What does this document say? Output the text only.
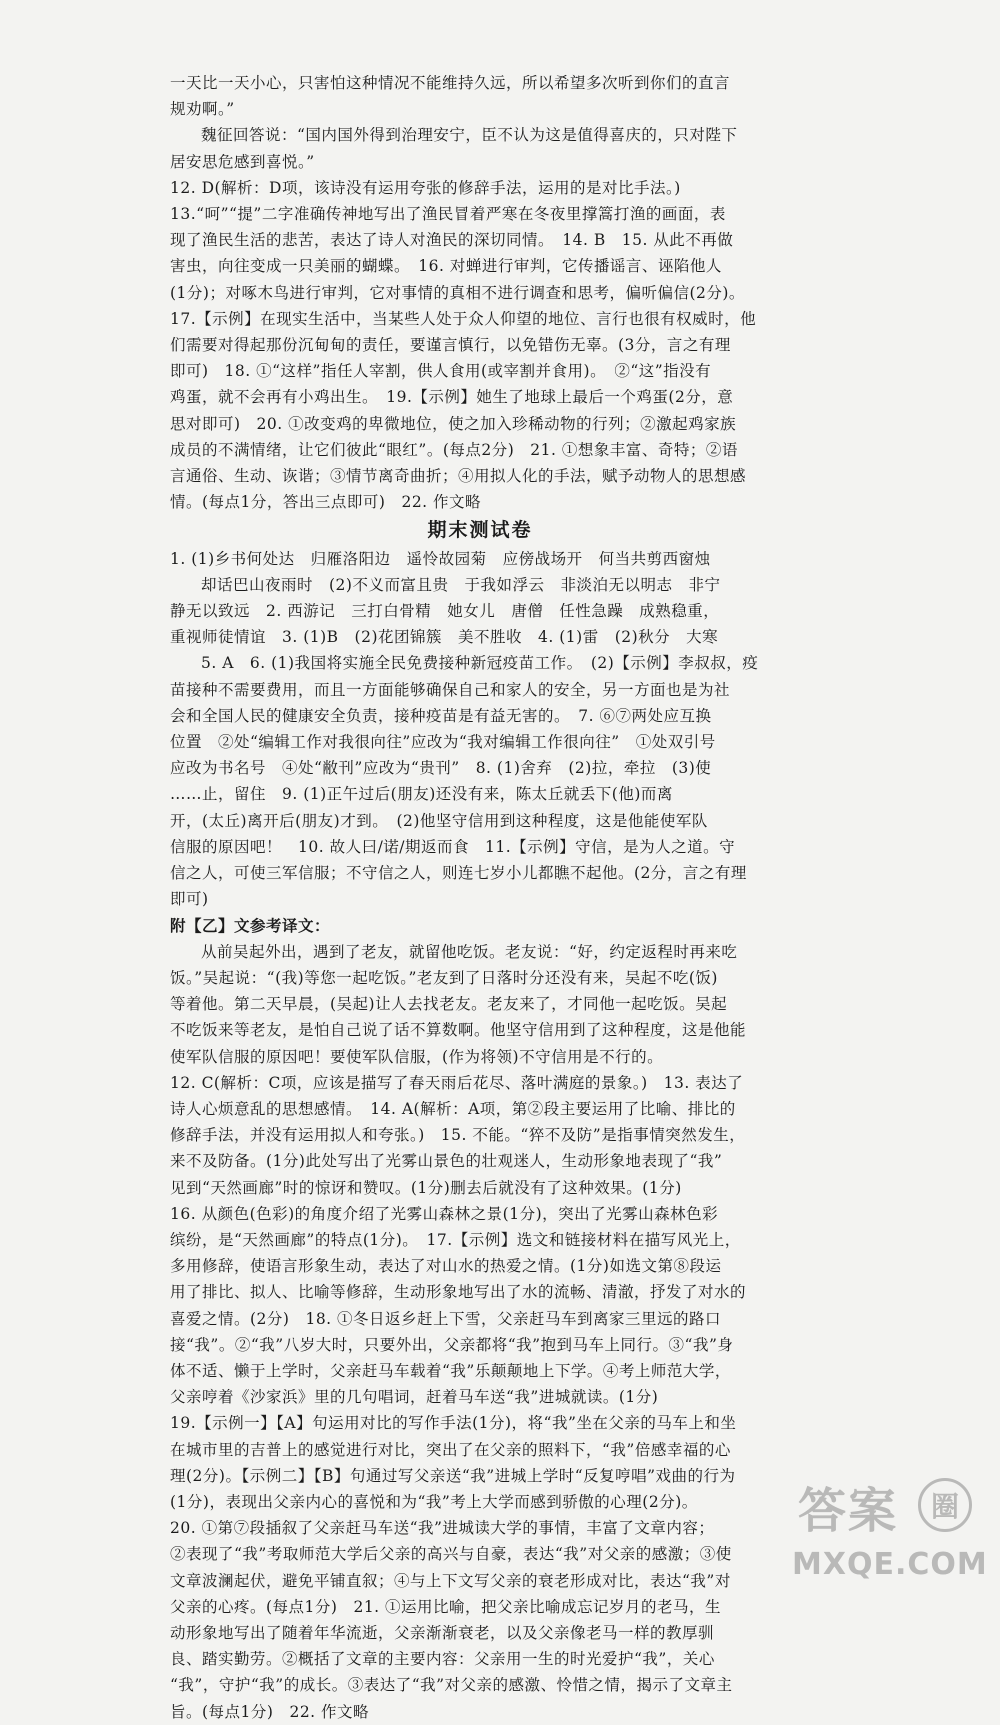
一天比一天小心，只害怕这种情况不能维持久远，所以希望多次听到你们的直言
规劝啊。”
魏征回答说：“国内国外得到治理安宁，臣不认为这是值得喜庆的，只对陛下
居安思危感到喜悦。”
12. D(解析：D项，该诗没有运用夸张的修辞手法，运用的是对比手法。)
13.“呵”“提”二字准确传神地写出了渔民冒着严寒在冬夜里撑篙打渔的画面，表
现了渔民生活的悲苦，表达了诗人对渔民的深切同情。　14. B　15. 从此不再做
害虫，向往变成一只美丽的蝴蝶。　16. 对蝉进行审判，它传播谣言、诬陷他人
(1分)；对啄木鸟进行审判，它对事情的真相不进行调查和思考，偏听偏信(2分)。
17.【示例】在现实生活中，当某些人处于众人仰望的地位、言行也很有权威时，他
们需要对得起那份沉甸甸的责任，要谨言慎行，以免错伤无辜。(3分，言之有理
即可)　18. ①“这样”指任人宰割，供人食用(或宰割并食用)。　②“这”指没有
鸡蛋，就不会再有小鸡出生。　19.【示例】她生了地球上最后一个鸡蛋(2分，意
思对即可)　20. ①改变鸡的卑微地位，使之加入珍稀动物的行列；②激起鸡家族
成员的不满情绪，让它们彼此“眼红”。(每点2分)　21. ①想象丰富、奇特；②语
言通俗、生动、诙谐；③情节离奇曲折；④用拟人化的手法，赋予动物人的思想感
情。(每点1分，答出三点即可)　22. 作文略
期末测试卷
1. (1)乡书何处达　归雁洛阳边　遥怜故园菊　应傍战场开　何当共剪西窗烛
却话巴山夜雨时　(2)不义而富且贵　于我如浮云　非淡泊无以明志　非宁
静无以致远　2. 西游记　三打白骨精　她女儿　唐僧　任性急躁　成熟稳重，
重视师徒情谊　3. (1)B　(2)花团锦簇　美不胜收　4. (1)雷　(2)秋分　大寒
5. A　6. (1)我国将实施全民免费接种新冠疫苗工作。　(2)【示例】李叔叔，疫
苗接种不需要费用，而且一方面能够确保自己和家人的安全，另一方面也是为社
会和全国人民的健康安全负责，接种疫苗是有益无害的。　7. ⑥⑦两处应互换
位置　②处“编辑工作对我很向往”应改为“我对编辑工作很向往”　①处双引号
应改为书名号　④处“敝刊”应改为“贵刊”　8. (1)舍弃　(2)拉，牵拉　(3)使
……止，留住　9. (1)正午过后(朋友)还没有来，陈太丘就丢下(他)而离
开，(太丘)离开后(朋友)才到。　(2)他坚守信用到这种程度，这是他能使军队
信服的原因吧！　10. 故人曰/诺/期返而食　11.【示例】守信，是为人之道。守
信之人，可使三军信服；不守信之人，则连七岁小儿都瞧不起他。(2分，言之有理
即可)
附【乙】文参考译文：
从前吴起外出，遇到了老友，就留他吃饭。老友说：“好，约定返程时再来吃
饭。”吴起说：“(我)等您一起吃饭。”老友到了日落时分还没有来，吴起不吃(饭)
等着他。第二天早晨，(吴起)让人去找老友。老友来了，才同他一起吃饭。吴起
不吃饭来等老友，是怕自己说了话不算数啊。他坚守信用到了这种程度，这是他能
使军队信服的原因吧！要使军队信服，(作为将领)不守信用是不行的。
12. C(解析：C项，应该是描写了春天雨后花尽、落叶满庭的景象。)　13. 表达了
诗人心烦意乱的思想感情。　14. A(解析：A项，第②段主要运用了比喻、排比的
修辞手法，并没有运用拟人和夸张。)　15. 不能。“猝不及防”是指事情突然发生，
来不及防备。(1分)此处写出了光雾山景色的壮观迷人，生动形象地表现了“我”
见到“天然画廊”时的惊讶和赞叹。(1分)删去后就没有了这种效果。(1分)
16. 从颜色(色彩)的角度介绍了光雾山森林之景(1分)，突出了光雾山森林色彩
缤纷，是“天然画廊”的特点(1分)。　17.【示例】选文和链接材料在描写风光上，
多用修辞，使语言形象生动，表达了对山水的热爱之情。(1分)如选文第⑧段运
用了排比、拟人、比喻等修辞，生动形象地写出了水的流畅、清澈，抒发了对水的
喜爱之情。(2分)　18. ①冬日返乡赶上下雪，父亲赶马车到离家三里远的路口
接“我”。②“我”八岁大时，只要外出，父亲都将“我”抱到马车上同行。③“我”身
体不适、懒于上学时，父亲赶马车载着“我”乐颠颠地上下学。④考上师范大学，
父亲哼着《沙家浜》里的几句唱词，赶着马车送“我”进城就读。(1分)
19.【示例一】【A】句运用对比的写作手法(1分)，将“我”坐在父亲的马车上和坐
在城市里的吉普上的感觉进行对比，突出了在父亲的照料下，“我”倍感幸福的心
理(2分)。【示例二】【B】句通过写父亲送“我”进城上学时“反复哼唱”戏曲的行为
(1分)，表现出父亲内心的喜悦和为“我”考上大学而感到骄傲的心理(2分)。
20. ①第⑦段插叙了父亲赶马车送“我”进城读大学的事情，丰富了文章内容；
②表现了“我”考取师范大学后父亲的高兴与自豪，表达“我”对父亲的感激；③使
文章波澜起伏，避免平铺直叙；④与上下文写父亲的衰老形成对比，表达“我”对
父亲的心疼。(每点1分)　21. ①运用比喻，把父亲比喻成忘记岁月的老马，生
动形象地写出了随着年华流逝，父亲渐渐衰老，以及父亲像老马一样的教厚驯
良、踏实勤劳。②概括了文章的主要内容：父亲用一生的时光爱护“我”，关心
“我”，守护“我”的成长。③表达了“我”对父亲的感激、怜惜之情，揭示了文章主
旨。(每点1分)　22. 作文略
答案	圈
MXQE.COM
